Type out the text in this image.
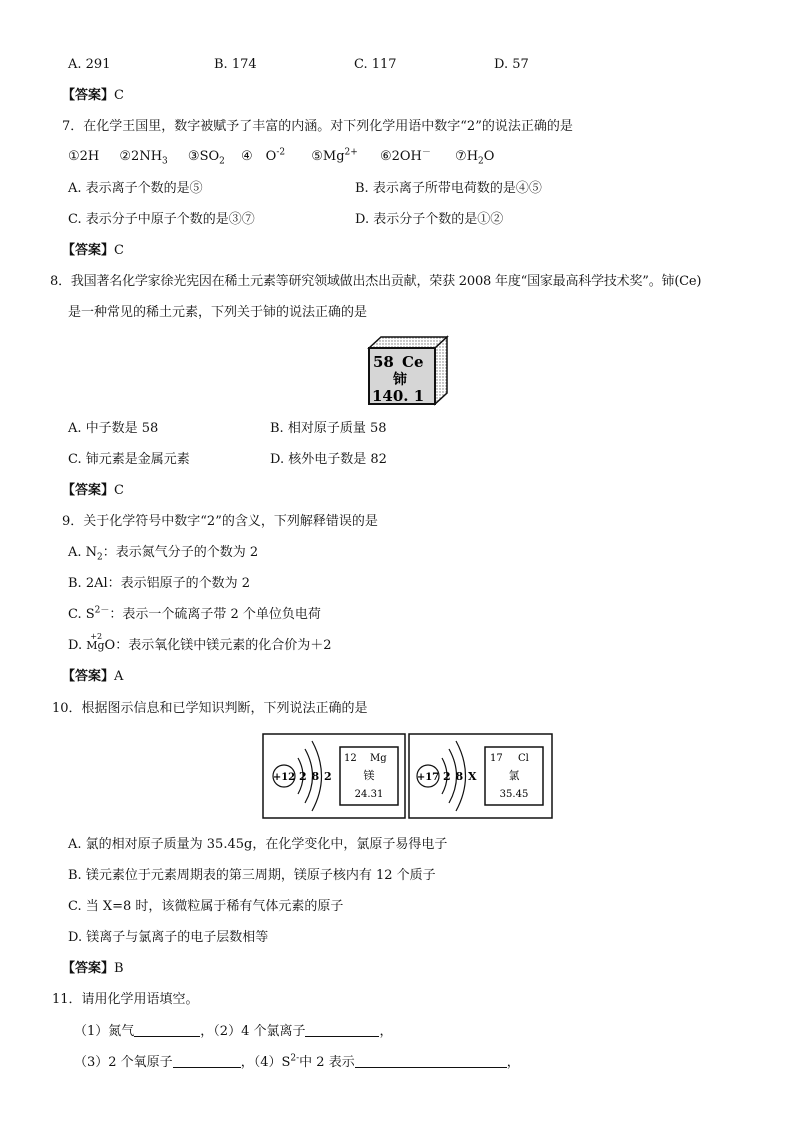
A. 291	B. 174	C. 117	D. 57
【答案】C
7．在化学王国里，数字被赋予了丰富的内涵。对下列化学用语中数字“2”的说法正确的是
①2H $②2NH_3$ $③SO_2$ ④　$O^{-2}$ $⑤Mg^{2+}$ ⑥2OH－ $⑦H_2O$
A. 表示离子个数的是⑤	B. 表示离子所带电荷数的是④⑤
C. 表示分子中原子个数的是③⑦	D. 表示分子个数的是①②
【答案】C
8．我国著名化学家徐光宪因在稀土元素等研究领域做出杰出贡献，荣获 2008 年度“国家最高科学技术奖”。铈(Ce)
是一种常见的稀土元素，下列关于铈的说法正确的是
58 Ce
铈
140. 1
A. 中子数是 58	B. 相对原子质量 58
C. 铈元素是金属元素	D. 核外电子数是 82
【答案】C
9．关于化学符号中数字“2”的含义，下列解释错误的是
A. $N_2$：表示氮气分子的个数为 2
B. 2Al：表示铝原子的个数为 2
C. $S^{2-}$：表示一个硫离子带 2 个单位负电荷
D.
+2
MgO：表示氧化镁中镁元素的化合价为＋2
【答案】A
10．根据图示信息和已学知识判断，下列说法正确的是
+12 2 8 2
12 Mg
镁
24.31
+17 2 8 X
17 Cl
氯
35.45
A. 氯的相对原子质量为 35.45g，在化学变化中，氯原子易得电子
B. 镁元素位于元素周期表的第三周期，镁原子核内有 12 个质子
C. 当 X=8 时，该微粒属于稀有气体元素的原子
D. 镁离子与氯离子的电子层数相等
【答案】B
11．请用化学用语填空。
（1）氮气	，（2）4 个氯离子	，
（3）2 个氧原子	，$(4)S^{2-}$中 2 表示	，
